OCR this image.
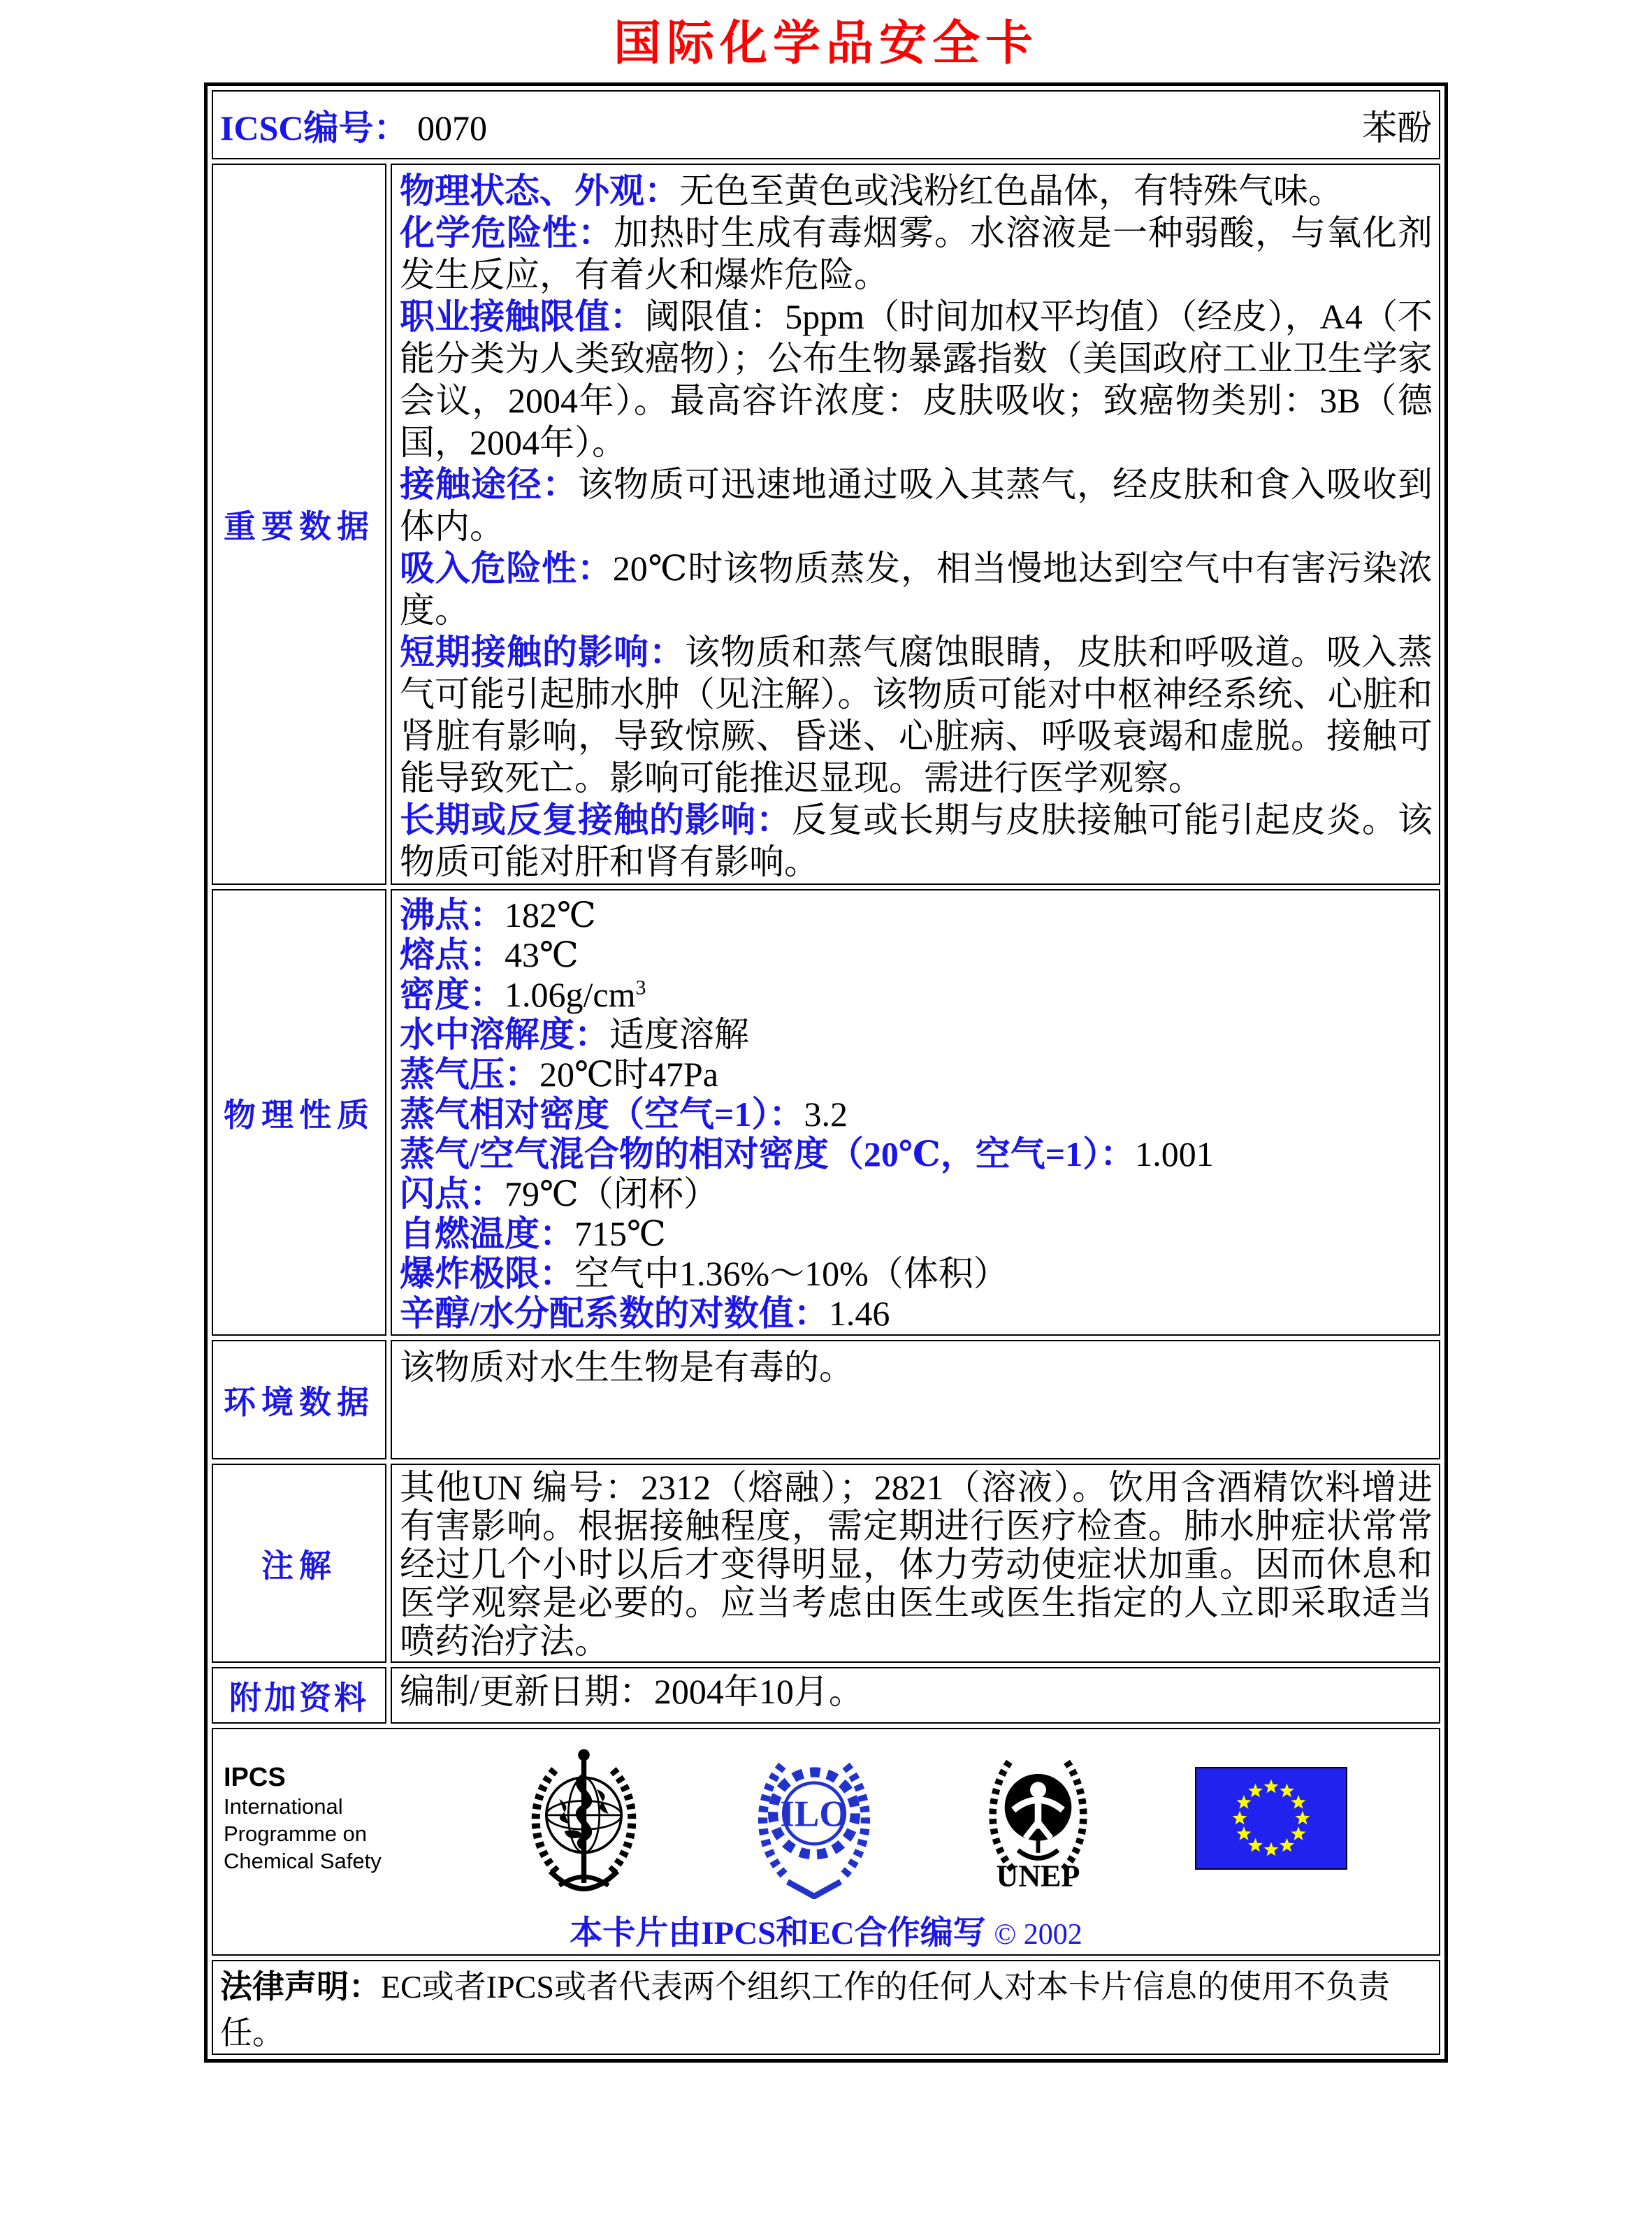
国际化学品安全卡
ICSC编号： 0070 苯酚	

重要数据	
物理状态、外观：无色至黄色或浅粉红色晶体，有特殊气味。
化学危险性：加热时生成有毒烟雾。水溶液是一种弱酸，与氧化剂发生反应，有着火和爆炸危险。
职业接触限值：阈限值：5ppm（时间加权平均值）（经皮），A4（不能分类为人类致癌物）；公布生物暴露指数（美国政府工业卫生学家会议，2004年）。最高容许浓度：皮肤吸收；致癌物类别：3B（德国，2004年）。
接触途径：该物质可迅速地通过吸入其蒸气，经皮肤和食入吸收到体内。
吸入危险性：20℃时该物质蒸发，相当慢地达到空气中有害污染浓度。
短期接触的影响：该物质和蒸气腐蚀眼睛，皮肤和呼吸道。吸入蒸气可能引起肺水肿（见注解）。该物质可能对中枢神经系统、心脏和肾脏有影响，导致惊厥、昏迷、心脏病、呼吸衰竭和虚脱。接触可能导致死亡。影响可能推迟显现。需进行医学观察。
长期或反复接触的影响：反复或长期与皮肤接触可能引起皮炎。该物质可能对肝和肾有影响。

物理性质	
沸点：182℃
熔点：43℃
密度：$1.06g/cm^3$
水中溶解度：适度溶解
蒸气压：20℃时47Pa
蒸气相对密度（空气=1）：3.2
蒸气/空气混合物的相对密度（20℃，空气=1）：1.001
闪点：79℃（闭杯）
自燃温度：715℃
爆炸极限：空气中1.36%～10%（体积）
辛醇/水分配系数的对数值：1.46

环境数据	该物质对水生生物是有毒的。

注解	其他UN 编号：2312（熔融）；2821（溶液）。饮用含酒精饮料增进有害影响。根据接触程度，需定期进行医疗检查。肺水肿症状常常经过几个小时以后才变得明显，体力劳动使症状加重。因而休息和医学观察是必要的。应当考虑由医生或医生指定的人立即采取适当喷药治疗法。

附加资料	编制/更新日期：2004年10月。

IPCS
International
Programme on
Chemical Safety
ILO
UNEP
本卡片由IPCS和EC合作编写 © 2002

法律声明：EC或者IPCS或者代表两个组织工作的任何人对本卡片信息的使用不负责任。	
